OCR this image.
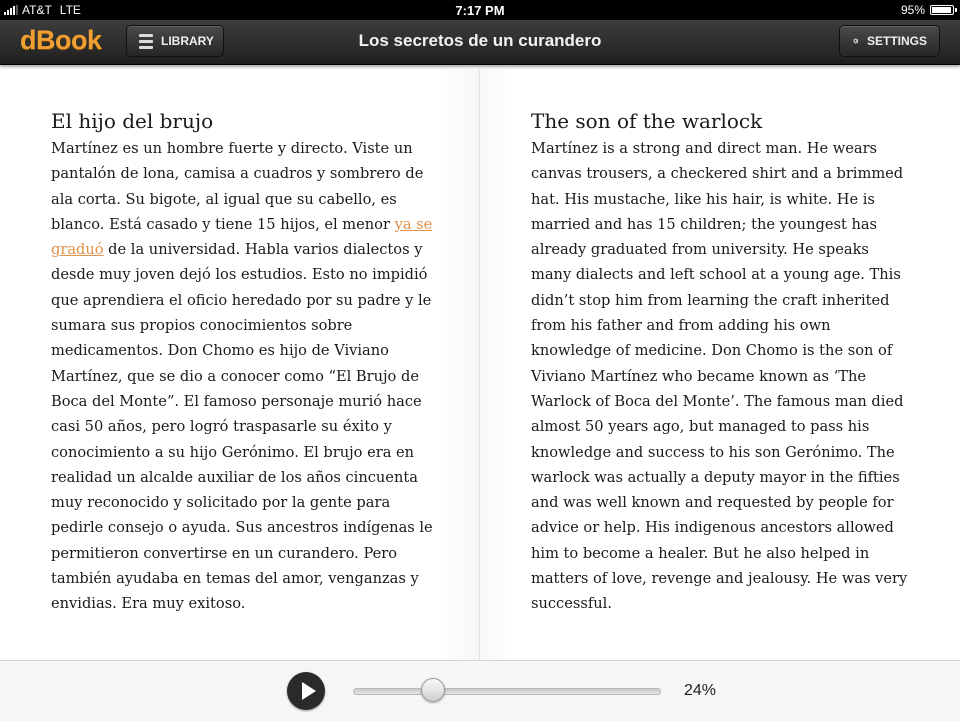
AT&T LTE	7:17 PM	95%
dBook	LIBRARY	Los secretos de un curandero	SETTINGS
El hijo del brujo

Martínez es un hombre fuerte y directo. Viste un pantalón de lona, camisa a cuadros y sombrero de ala corta. Su bigote, al igual que su cabello, es blanco. Está casado y tiene 15 hijos, el menor ya se graduó de la universidad. Habla varios dialectos y desde muy joven dejó los estudios. Esto no impidió que aprendiera el oficio heredado por su padre y le sumara sus propios conocimientos sobre medicamentos. Don Chomo es hijo de Viviano Martínez, que se dio a conocer como “El Brujo de Boca del Monte”. El famoso personaje murió hace casi 50 años, pero logró traspasarle su éxito y conocimiento a su hijo Gerónimo. El brujo era en realidad un alcalde auxiliar de los años cincuenta muy reconocido y solicitado por la gente para pedirle consejo o ayuda. Sus ancestros indígenas le permitieron convertirse en un curandero. Pero también ayudaba en temas del amor, venganzas y envidias. Era muy exitoso.

The son of the warlock

Martínez is a strong and direct man. He wears canvas trousers, a checkered shirt and a brimmed hat. His mustache, like his hair, is white. He is married and has 15 children; the youngest has already graduated from university. He speaks many dialects and left school at a young age. This didn’t stop him from learning the craft inherited from his father and from adding his own knowledge of medicine. Don Chomo is the son of Viviano Martínez who became known as ‘The Warlock of Boca del Monte’. The famous man died almost 50 years ago, but managed to pass his knowledge and success to his son Gerónimo. The warlock was actually a deputy mayor in the fifties and was well known and requested by people for advice or help. His indigenous ancestors allowed him to become a healer. But he also helped in matters of love, revenge and jealousy. He was very successful.

24%
